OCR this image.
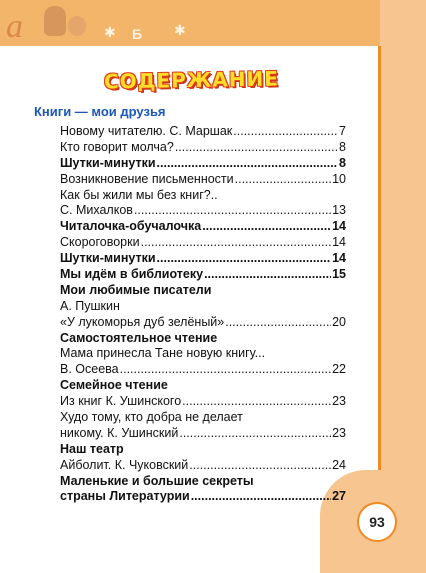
а	✱ Б ✱
93
СОДЕРЖАНИЕ
Книги — мои друзья
Новому читателю. С. Маршак .....	7
Кто говорит молча? .....	8
Шутки-минутки .....	8
Возникновение письменности .....	10
Как бы жили мы без книг?..
С. Михалков .....	13
Читалочка-обучалочка .....	14
Скороговорки .....	14
Шутки-минутки .....	14
Мы идём в библиотеку .....	15
Мои любимые писатели
А. Пушкин
«У лукоморья дуб зелёный» .....	20
Самостоятельное чтение
Мама принесла Тане новую книгу...
В. Осеева .....	22
Семейное чтение
Из книг К. Ушинского .....	23
Худо тому, кто добра не делает
никому. К. Ушинский .....	23
Наш театр
Айболит. К. Чуковский .....	24
Маленькие и большие секреты
страны Литературии .....	27
